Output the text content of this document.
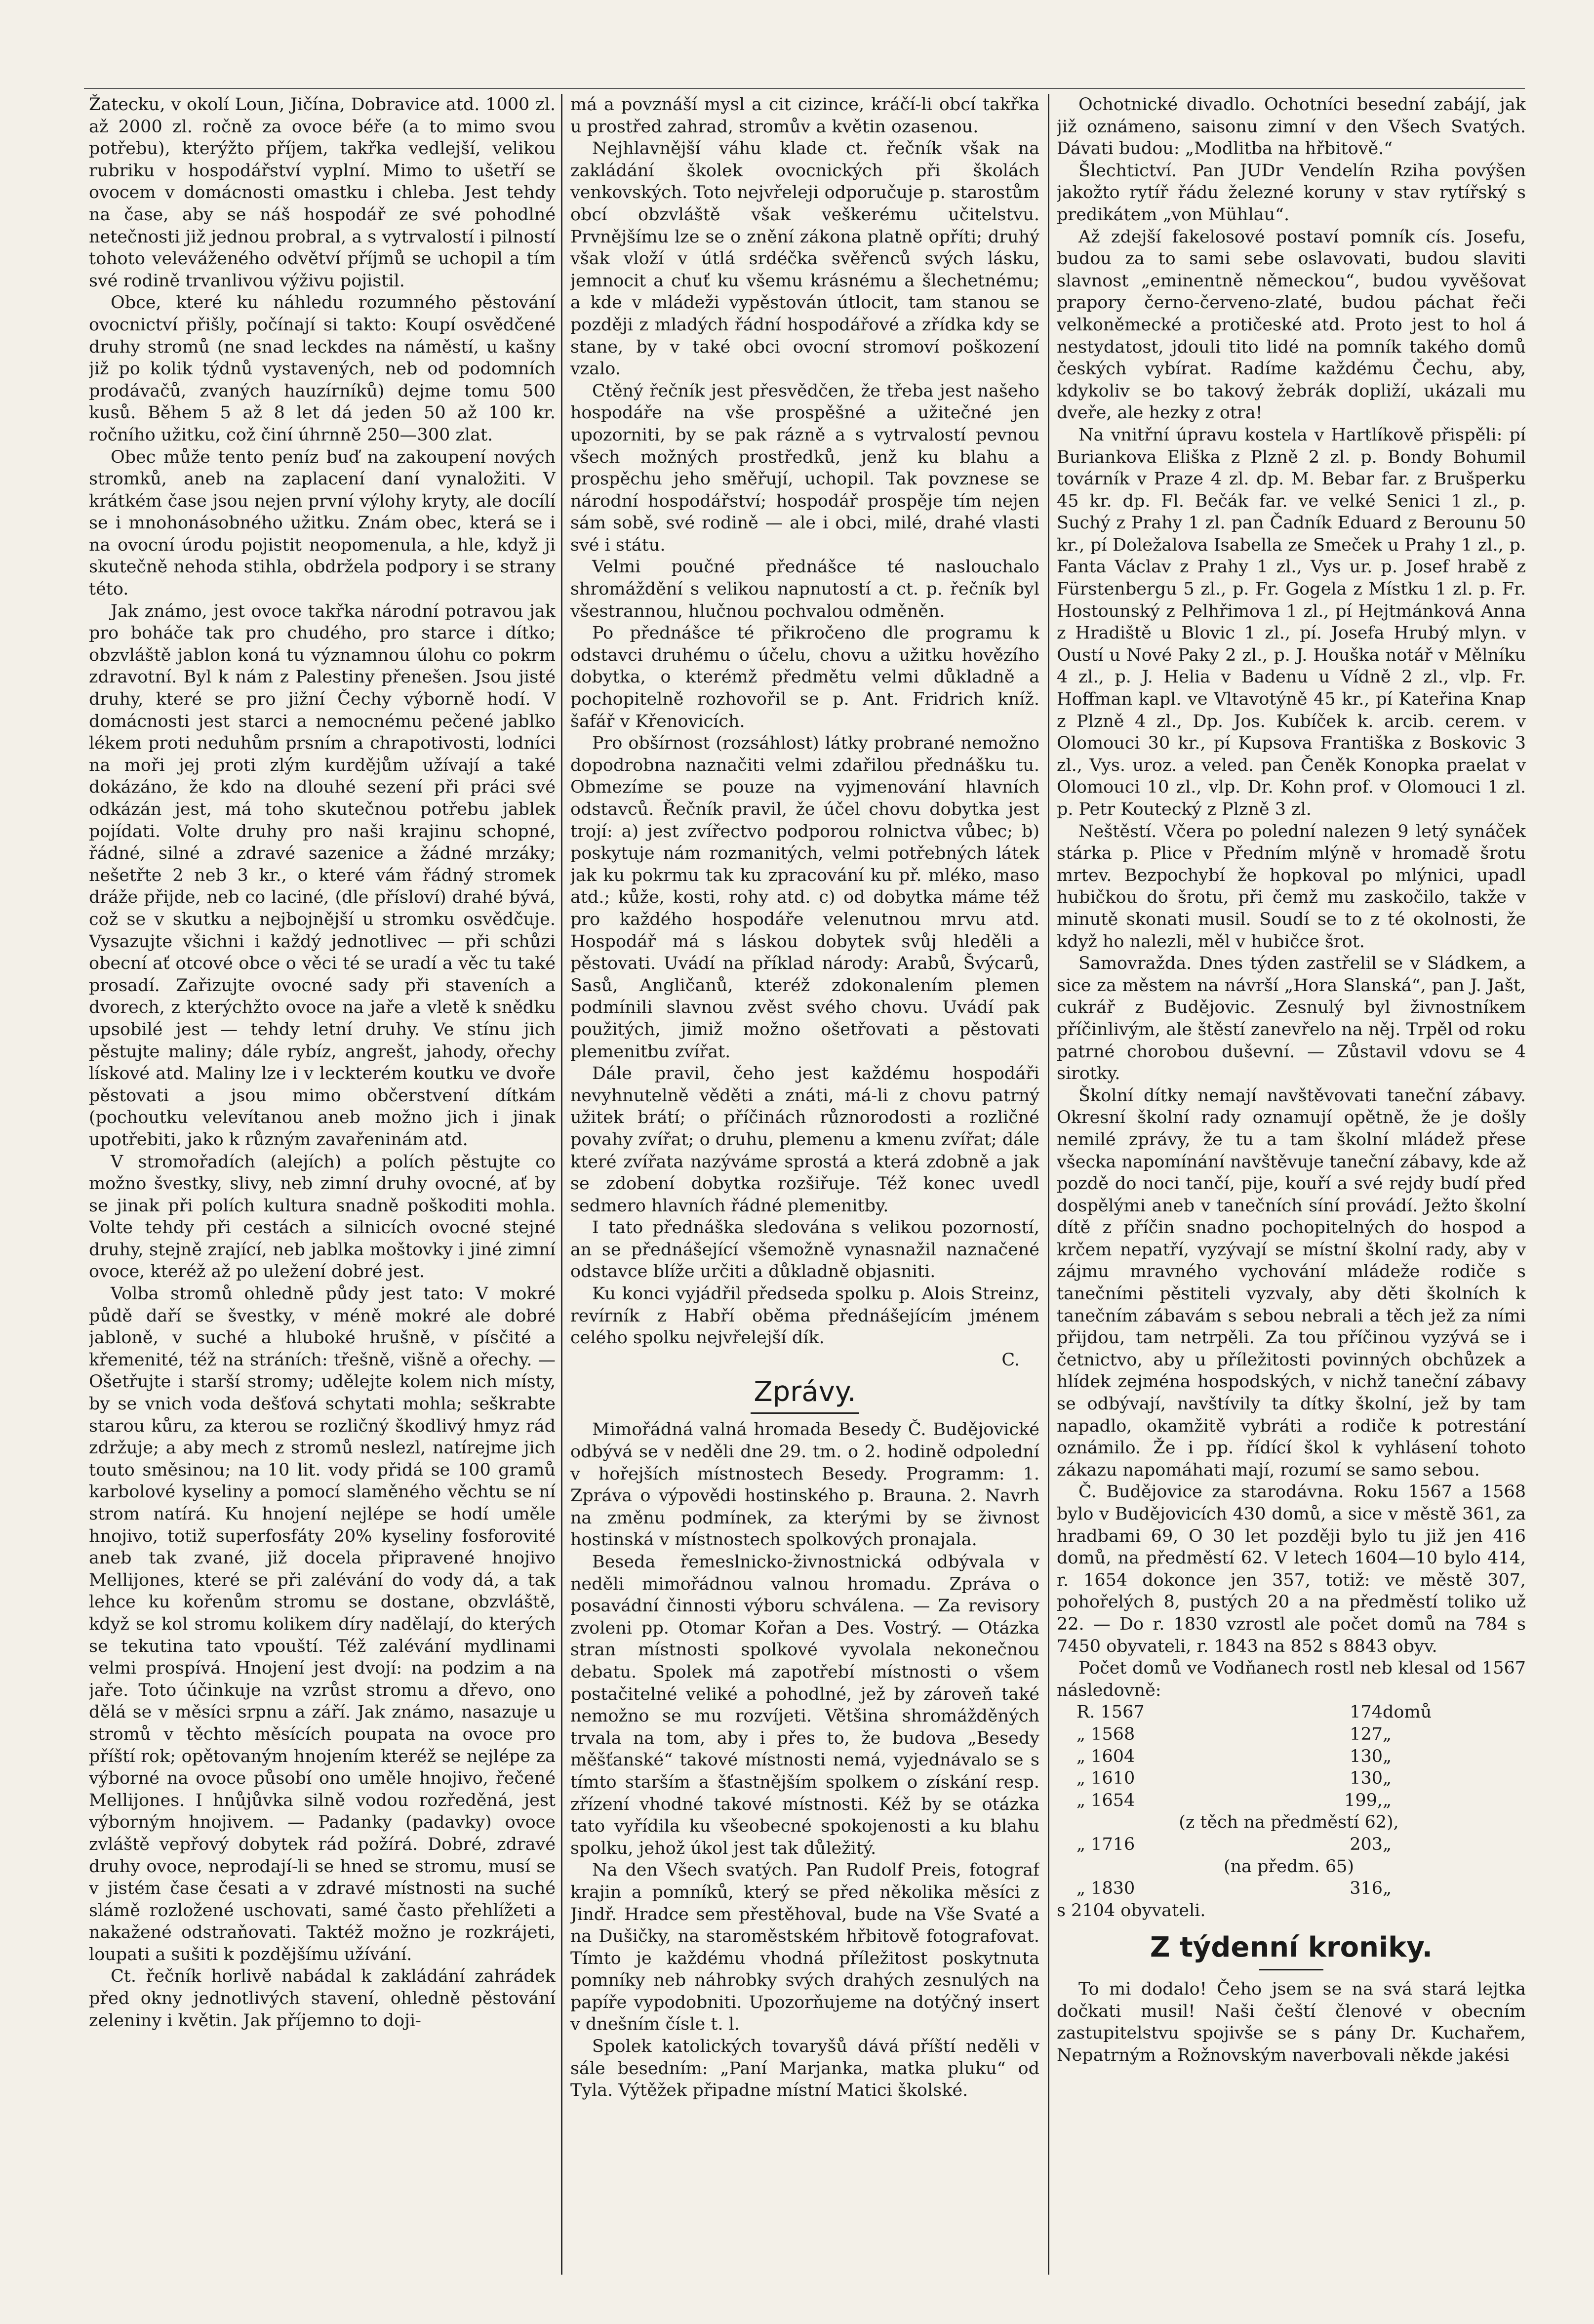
Žatecku, v okolí Loun, Jičína, Dobravice atd. 1000 zl. až 2000 zl. ročně za ovoce béře (a to mimo svou potřebu), kterýžto příjem, takřka vedlejší, velikou rubriku v hospodářství vyplní. Mimo to ušetří se ovocem v domácnosti omastku i chleba. Jest tehdy na čase, aby se náš hospodář ze své pohodlné netečnosti již jednou probral, a s vytrvalostí i pilností tohoto veleváženého odvětví příjmů se uchopil a tím své rodině trvanlivou výživu pojistil.

Obce, které ku náhledu rozumného pěstování ovocnictví přišly, počínají si takto: Koupí osvědčené druhy stromů (ne snad leckdes na náměstí, u kašny již po kolik týdnů vystavených, neb od podomních prodávačů, zvaných hauzírníků) dejme tomu 500 kusů. Během 5 až 8 let dá jeden 50 až 100 kr. ročního užitku, což činí úhrnně 250—300 zlat.

Obec může tento peníz buď na zakoupení nových stromků, aneb na zaplacení daní vynaložiti. V krátkém čase jsou nejen první výlohy kryty, ale docílí se i mnohonásobného užitku. Znám obec, která se i na ovocní úrodu pojistit neopomenula, a hle, když ji skutečně nehoda stihla, obdržela podpory i se strany této.

Jak známo, jest ovoce takřka národní potravou jak pro boháče tak pro chudého, pro starce i dítko; obzvláště jablon koná tu významnou úlohu co pokrm zdravotní. Byl k nám z Palestiny přenešen. Jsou jisté druhy, které se pro jižní Čechy výborně hodí. V domácnosti jest starci a nemocnému pečené jablko lékem proti neduhům prsním a chrapotivosti, lodníci na moři jej proti zlým kurdějům užívají a také dokázáno, že kdo na dlouhé sezení při práci své odkázán jest, má toho skutečnou potřebu jablek pojídati. Volte druhy pro naši krajinu schopné, řádné, silné a zdravé sazenice a žádné mrzáky; nešetřte 2 neb 3 kr., o které vám řádný stromek dráže přijde, neb co laciné, (dle přísloví) drahé bývá, což se v skutku a nejbojnější u stromku osvědčuje. Vysazujte všichni i každý jednotlivec — při schůzi obecní ať otcové obce o věci té se uradí a věc tu také prosadí. Zařizujte ovocné sady při staveních a dvorech, z kterýchžto ovoce na jaře a vletě k snědku upsobilé jest — tehdy letní druhy. Ve stínu jich pěstujte maliny; dále rybíz, angrešt, jahody, ořechy lískové atd. Maliny lze i v leckterém koutku ve dvoře pěstovati a jsou mimo občerstvení dítkám (pochoutku velevítanou aneb možno jich i jinak upotřebiti, jako k různým zavařeninám atd.

V stromořadích (alejích) a polích pěstujte co možno švestky, slivy, neb zimní druhy ovocné, ať by se jinak při polích kultura snadně poškoditi mohla. Volte tehdy při cestách a silnicích ovocné stejné druhy, stejně zrající, neb jablka moštovky i jiné zimní ovoce, kteréž až po uležení dobré jest.

Volba stromů ohledně půdy jest tato: V mokré půdě daří se švestky, v méně mokré ale dobré jabloně, v suché a hluboké hrušně, v písčité a křemenité, též na stráních: třešně, višně a ořechy. — Ošetřujte i starší stromy; udělejte kolem nich místy, by se vnich voda dešťová schytati mohla; seškrabte starou kůru, za kterou se rozličný škodlivý hmyz rád zdržuje; a aby mech z stromů neslezl, natírejme jich touto směsinou; na 10 lit. vody přidá se 100 gramů karbolové kyseliny a pomocí slaměného věchtu se ní strom natírá. Ku hnojení nejlépe se hodí uměle hnojivo, totiž superfosfáty 20% kyseliny fosforovité aneb tak zvané, již docela připravené hnojivo Mellijones, které se při zalévání do vody dá, a tak lehce ku kořenům stromu se dostane, obzvláště, když se kol stromu kolikem díry nadělají, do kterých se tekutina tato vpouští. Též zalévání mydlinami velmi prospívá. Hnojení jest dvojí: na podzim a na jaře. Toto účinkuje na vzrůst stromu a dřevo, ono dělá se v měsíci srpnu a září. Jak známo, nasazuje u stromů v těchto měsících poupata na ovoce pro příští rok; opětovaným hnojením kteréž se nejlépe za výborné na ovoce působí ono uměle hnojivo, řečené Mellijones. I hnůjůvka silně vodou rozředěná, jest výborným hnojivem. — Padanky (padavky) ovoce zvláště vepřový dobytek rád požírá. Dobré, zdravé druhy ovoce, neprodají-li se hned se stromu, musí se v jistém čase česati a v zdravé místnosti na suché slámě rozložené uschovati, samé často přehlížeti a nakažené odstraňovati. Taktéž možno je rozkrájeti, loupati a sušiti k pozdějšímu užívání.

Ct. řečník horlivě nabádal k zakládání zahrádek před okny jednotlivých stavení, ohledně pěstování zeleniny i květin. Jak příjemno to doji-

má a povznáší mysl a cit cizince, kráčí-li obcí takřka u prostřed zahrad, stromův a květin ozasenou.

Nejhlavnější váhu klade ct. řečník však na zakládání školek ovocnických při školách venkovských. Toto nejvřeleji odporučuje p. starostům obcí obzvláště však veškerému učitelstvu. Prvnějšímu lze se o znění zákona platně opříti; druhý však vloží v útlá srdéčka svěřenců svých lásku, jemnocit a chuť ku všemu krásnému a šlechetnému; a kde v mládeži vypěstován útlocit, tam stanou se později z mladých řádní hospodářové a zřídka kdy se stane, by v také obci ovocní stromoví poškození vzalo.

Ctěný řečník jest přesvědčen, že třeba jest našeho hospodáře na vše prospěšné a užitečné jen upozorniti, by se pak rázně a s vytrvalostí pevnou všech možných prostředků, jenž ku blahu a prospěchu jeho směřují, uchopil. Tak povznese se národní hospodářství; hospodář prospěje tím nejen sám sobě, své rodině — ale i obci, milé, drahé vlasti své i státu.

Velmi poučné přednášce té naslouchalo shromáždění s velikou napnutostí a ct. p. řečník byl všestrannou, hlučnou pochvalou odměněn.

Po přednášce té přikročeno dle programu k odstavci druhému o účelu, chovu a užitku hovězího dobytka, o kterémž předmětu velmi důkladně a pochopitelně rozhovořil se p. Ant. Fridrich kníž. šafář v Křenovicích.

Pro obšírnost (rozsáhlost) látky probrané nemožno dopodrobna naznačiti velmi zdařilou přednášku tu. Obmezíme se pouze na vyjmenování hlavních odstavců. Řečník pravil, že účel chovu dobytka jest trojí: a) jest zvířectvo podporou rolnictva vůbec; b) poskytuje nám rozmanitých, velmi potřebných látek jak ku pokrmu tak ku zpracování ku př. mléko, maso atd.; kůže, kosti, rohy atd. c) od dobytka máme též pro každého hospodáře velenutnou mrvu atd. Hospodář má s láskou dobytek svůj hleděli a pěstovati. Uvádí na příklad národy: Arabů, Švýcarů, Sasů, Angličanů, kteréž zdokonalením plemen podmínili slavnou zvěst svého chovu. Uvádí pak použitých, jimiž možno ošetřovati a pěstovati plemenitbu zvířat.

Dále pravil, čeho jest každému hospodáři nevyhnutelně věděti a znáti, má-li z chovu patrný užitek brátí; o příčinách různorodosti a rozličné povahy zvířat; o druhu, plemenu a kmenu zvířat; dále které zvířata nazýváme sprostá a která zdobně a jak se zdobení dobytka rozšiřuje. Též konec uvedl sedmero hlavních řádné plemenitby.

I tato přednáška sledována s velikou pozorností, an se přednášející všemožně vynasnažil naznačené odstavce blíže určiti a důkladně objasniti.

Ku konci vyjádřil předseda spolku p. Alois Streinz, revírník z Habří oběma přednášejícím jménem celého spolku nejvřelejší dík.

C.
Zprávy.

Mimořádná valná hromada Besedy Č. Budějovické odbývá se v neděli dne 29. tm. o 2. hodině odpolední v hořejších místnostech Besedy. Programm: 1. Zpráva o výpovědi hostinského p. Brauna. 2. Navrh na změnu podmínek, za kterými by se živnost hostinská v místnostech spolkových pronajala.

Beseda řemeslnicko-živnostnická odbývala v neděli mimořádnou valnou hromadu. Zpráva o posavádní činnosti výboru schválena. — Za revisory zvoleni pp. Otomar Kořan a Des. Vostrý. — Otázka stran místnosti spolkové vyvolala nekonečnou debatu. Spolek má zapotřebí místnosti o všem postačitelné veliké a pohodlné, jež by zároveň také nemožno se mu rozvíjeti. Většina shromážděných trvala na tom, aby i přes to, že budova „Besedy měšťanské“ takové místnosti nemá, vyjednávalo se s tímto starším a šťastnějším spolkem o získání resp. zřízení vhodné takové místnosti. Kéž by se otázka tato vyřídila ku všeobecné spokojenosti a ku blahu spolku, jehož úkol jest tak důležitý.

Na den Všech svatých. Pan Rudolf Preis, fotograf krajin a pomníků, který se před několika měsíci z Jindř. Hradce sem přestěhoval, bude na Vše Svaté a na Dušičky, na staroměstském hřbitově fotografovat. Tímto je každému vhodná příležitost poskytnuta pomníky neb náhrobky svých drahých zesnulých na papíře vypodobniti. Upozorňujeme na dotýčný insert v dnešním čísle t. l.

Spolek katolických tovaryšů dává příští neděli v sále besedním: „Paní Marjanka, matka pluku“ od Tyla. Výtěžek připadne místní Matici školské.

Ochotnické divadlo. Ochotníci besední zabájí, jak již oznámeno, saisonu zimní v den Všech Svatých. Dávati budou: „Modlitba na hřbitově.“

Šlechtictví. Pan JUDr Vendelín Rziha povýšen jakožto rytíř řádu železné koruny v stav rytířský s predikátem „von Mühlau“.

Až zdejší fakelosové postaví pomník cís. Josefu, budou za to sami sebe oslavovati, budou slaviti slavnost „eminentně německou“, budou vyvěšovat prapory černo-červeno-zlaté, budou páchat řeči velkoněmecké a protičeské atd. Proto jest to hol á nestydatost, jdouli tito lidé na pomník takého domů českých vybírat. Radíme každému Čechu, aby, kdykoliv se bo takový žebrák dopliží, ukázali mu dveře, ale hezky z otra!

Na vnitřní úpravu kostela v Hartlíkově přispěli: pí Buriankova Eliška z Plzně 2 zl. p. Bondy Bohumil továrník v Praze 4 zl. dp. M. Bebar far. z Brušperku 45 kr. dp. Fl. Bečák far. ve velké Senici 1 zl., p. Suchý z Prahy 1 zl. pan Čadník Eduard z Berounu 50 kr., pí Doležalova Isabella ze Smeček u Prahy 1 zl., p. Fanta Václav z Prahy 1 zl., Vys ur. p. Josef hrabě z Fürstenbergu 5 zl., p. Fr. Gogela z Místku 1 zl. p. Fr. Hostounský z Pelhřimova 1 zl., pí Hejtmánková Anna z Hradiště u Blovic 1 zl., pí. Josefa Hrubý mlyn. v Oustí u Nové Paky 2 zl., p. J. Houška notář v Mělníku 4 zl., p. J. Helia v Badenu u Vídně 2 zl., vlp. Fr. Hoffman kapl. ve Vltavotýně 45 kr., pí Kateřina Knap z Plzně 4 zl., Dp. Jos. Kubíček k. arcib. cerem. v Olomouci 30 kr., pí Kupsova Františka z Boskovic 3 zl., Vys. uroz. a veled. pan Čeněk Konopka praelat v Olomouci 10 zl., vlp. Dr. Kohn prof. v Olomouci 1 zl. p. Petr Koutecký z Plzně 3 zl.

Neštěstí. Včera po polední nalezen 9 letý synáček stárka p. Plice v Předním mlýně v hromadě šrotu mrtev. Bezpochybí že hopkoval po mlýnici, upadl hubičkou do šrotu, při čemž mu zaskočilo, takže v minutě skonati musil. Soudí se to z té okolnosti, že když ho nalezli, měl v hubičce šrot.

Samovražda. Dnes týden zastřelil se v Sládkem, a sice za městem na návrší „Hora Slanská“, pan J. Jašt, cukrář z Budějovic. Zesnulý byl živnostníkem příčinlivým, ale štěstí zanevřelo na něj. Trpěl od roku patrné chorobou duševní. — Zůstavil vdovu se 4 sirotky.

Školní dítky nemají navštěvovati taneční zábavy. Okresní školní rady oznamují opětně, že je došly nemilé zprávy, že tu a tam školní mládež přese všecka napomínání navštěvuje taneční zábavy, kde až pozdě do noci tančí, pije, kouří a své rejdy budí před dospělými aneb v tanečních síní provádí. Ježto školní dítě z příčin snadno pochopitelných do hospod a krčem nepatří, vyzývají se místní školní rady, aby v zájmu mravného vychování mládeže rodiče s tanečními pěstiteli vyzvaly, aby děti školních k tanečním zábavám s sebou nebrali a těch jež za ními přijdou, tam netrpěli. Za tou příčinou vyzývá se i četnictvo, aby u příležitosti povinných obchůzek a hlídek zejména hospodských, v nichž taneční zábavy se odbývají, navštívily ta dítky školní, jež by tam napadlo, okamžitě vybráti a rodiče k potrestání oznámilo. Že i pp. řídící škol k vyhlásení tohoto zákazu napomáhati mají, rozumí se samo sebou.

Č. Budějovice za starodávna. Roku 1567 a 1568 bylo v Budějovicích 430 domů, a sice v městě 361, za hradbami 69, O 30 let později bylo tu již jen 416 domů, na předměstí 62. V letech 1604—10 bylo 414, r. 1654 dokonce jen 357, totiž: ve městě 307, pohořelých 8, pustých 20 a na předměstí toliko už 22. — Do r. 1830 vzrostl ale počet domů na 784 s 7450 obyvateli, r. 1843 na 852 s 8843 obyv.

Počet domů ve Vodňanech rostl neb klesal od 1567 následovně:

R. 1567	174	domů
„ 1568	127	„
„ 1604	130	„
„ 1610	130	„
„ 1654	199,	„
(z těch na předměstí 62),		
„ 1716	203	„
(na předm. 65)		
„ 1830	316	„

s 2104 obyvateli.

Z týdenní kroniky.

To mi dodalo! Čeho jsem se na svá stará lejtka dočkati musil! Naši čeští členové v obecním zastupitelstvu spojivše se s pány Dr. Kuchařem, Nepatrným a Rožnovským naverbovali někde jakési
